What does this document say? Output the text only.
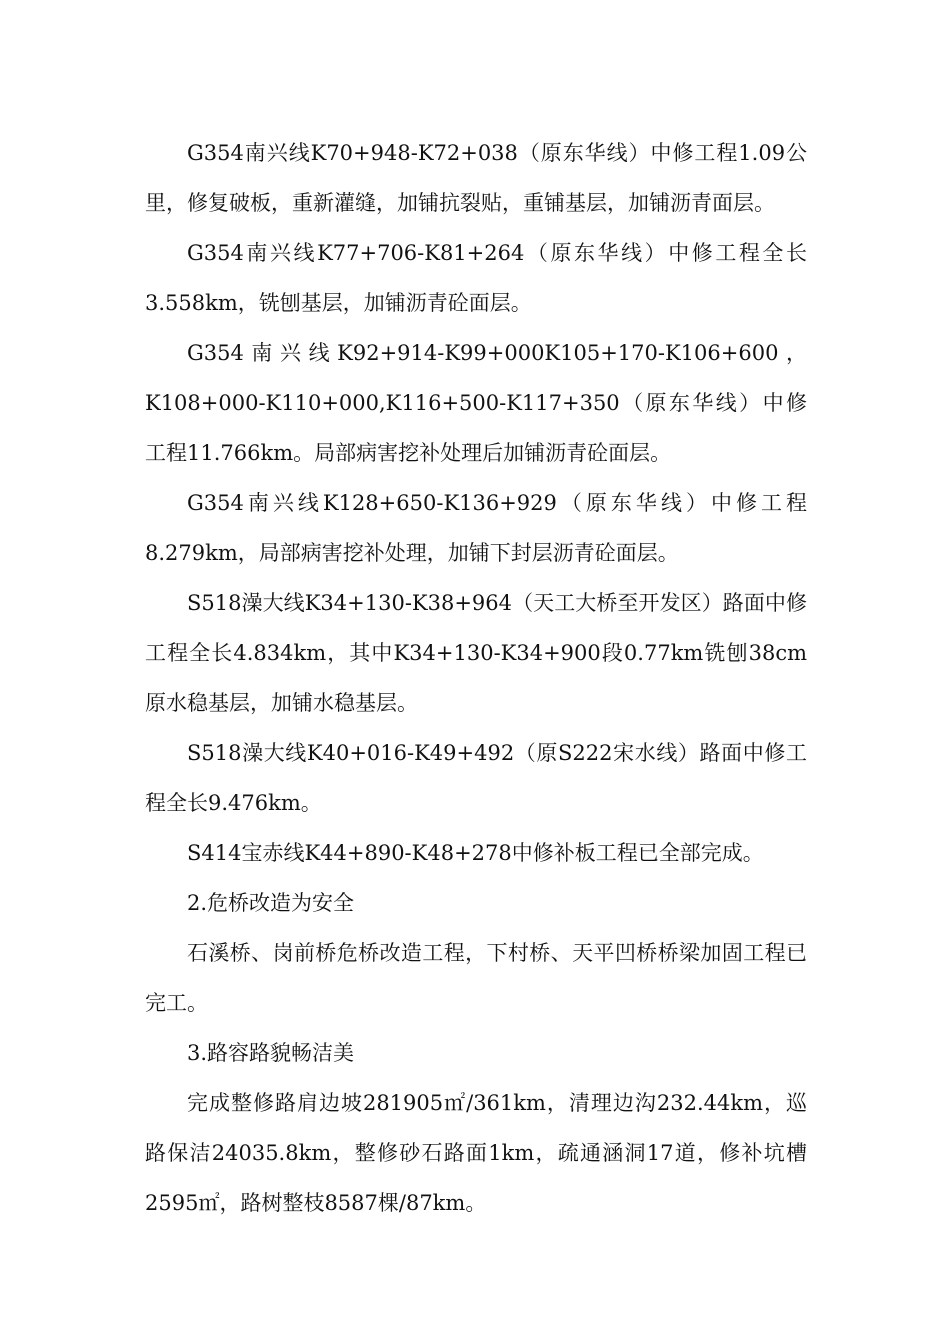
G354南兴线K70+948-K72+038（原东华线）中修工程1.09公里，修复破板，重新灌缝，加铺抗裂贴，重铺基层，加铺沥青面层。

G354南兴线K77+706-K81+264（原东华线）中修工程全长3.558km，铣刨基层，加铺沥青砼面层。

G354南兴线K92+914-K99+000K105+170-K106+600，K108+000-K110+000,K116+500-K117+350（原东华线）中修工程11.766km。局部病害挖补处理后加铺沥青砼面层。

G354南兴线K128+650-K136+929（原东华线）中修工程8.279km，局部病害挖补处理，加铺下封层沥青砼面层。

S518澡大线K34+130-K38+964（天工大桥至开发区）路面中修工程全长4.834km，其中K34+130-K34+900段0.77km铣刨38cm原水稳基层，加铺水稳基层。

S518澡大线K40+016-K49+492（原S222宋水线）路面中修工程全长9.476km。

S414宝赤线K44+890-K48+278中修补板工程已全部完成。

2.危桥改造为安全

石溪桥、岗前桥危桥改造工程，下村桥、天平凹桥桥梁加固工程已完工。

3.路容路貌畅洁美

完成整修路肩边坡281905㎡/361km，清理边沟232.44km，巡路保洁24035.8km，整修砂石路面1km，疏通涵洞17道，修补坑槽2595㎡，路树整枝8587棵/87km。
